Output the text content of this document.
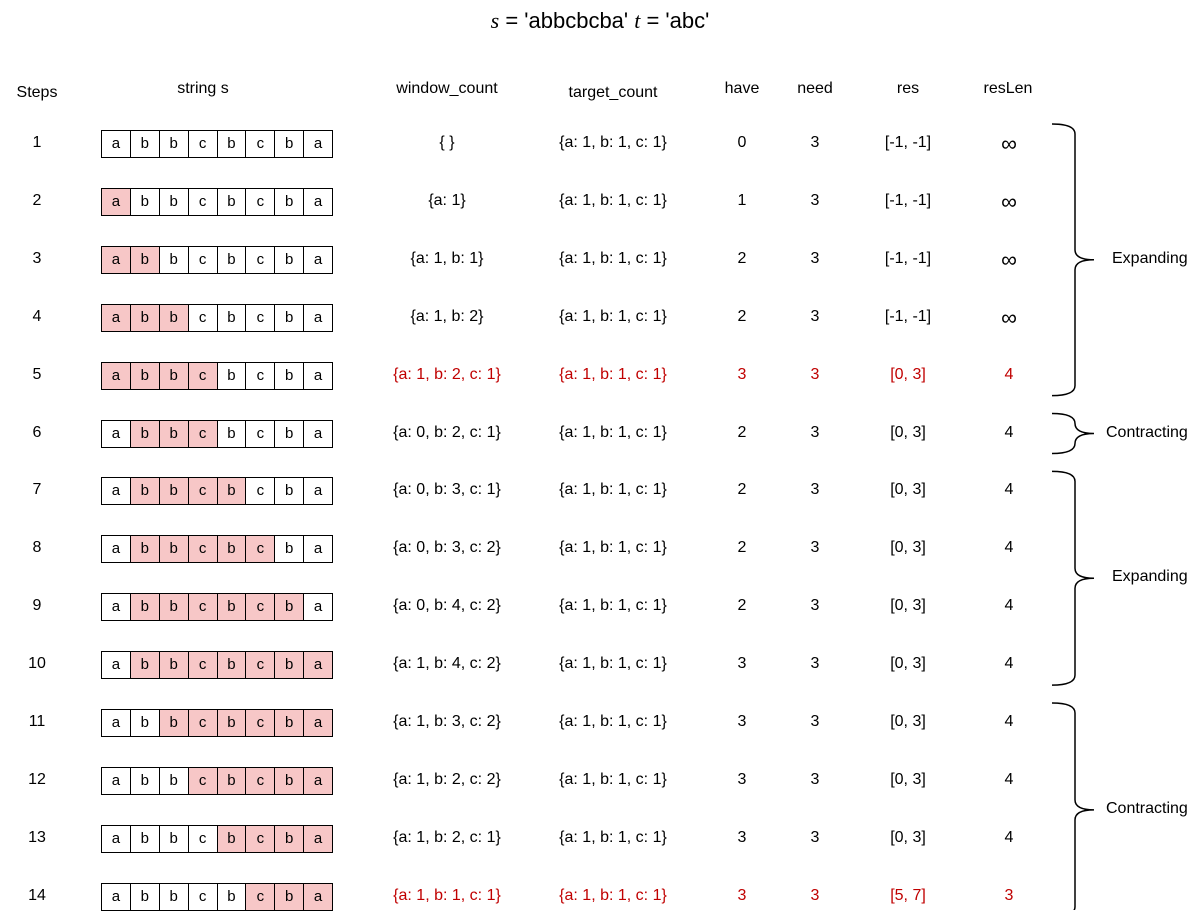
s = 'abbcbcba' t = 'abc'
Steps	string s	window_count	target_count	have	need	res	resLen
1	a	b	b	c	b	c	b	a	{ }	{a: 1, b: 1, c: 1}	0	3	[-1, -1]	∞
2	a	b	b	c	b	c	b	a	{a: 1}	{a: 1, b: 1, c: 1}	1	3	[-1, -1]	∞
3	a	b	b	c	b	c	b	a	{a: 1, b: 1}	{a: 1, b: 1, c: 1}	2	3	[-1, -1]	∞
4	a	b	b	c	b	c	b	a	{a: 1, b: 2}	{a: 1, b: 1, c: 1}	2	3	[-1, -1]	∞
5	a	b	b	c	b	c	b	a	{a: 1, b: 2, c: 1}	{a: 1, b: 1, c: 1}	3	3	[0, 3]	4
6	a	b	b	c	b	c	b	a	{a: 0, b: 2, c: 1}	{a: 1, b: 1, c: 1}	2	3	[0, 3]	4
7	a	b	b	c	b	c	b	a	{a: 0, b: 3, c: 1}	{a: 1, b: 1, c: 1}	2	3	[0, 3]	4
8	a	b	b	c	b	c	b	a	{a: 0, b: 3, c: 2}	{a: 1, b: 1, c: 1}	2	3	[0, 3]	4
9	a	b	b	c	b	c	b	a	{a: 0, b: 4, c: 2}	{a: 1, b: 1, c: 1}	2	3	[0, 3]	4
10	a	b	b	c	b	c	b	a	{a: 1, b: 4, c: 2}	{a: 1, b: 1, c: 1}	3	3	[0, 3]	4
11	a	b	b	c	b	c	b	a	{a: 1, b: 3, c: 2}	{a: 1, b: 1, c: 1}	3	3	[0, 3]	4
12	a	b	b	c	b	c	b	a	{a: 1, b: 2, c: 2}	{a: 1, b: 1, c: 1}	3	3	[0, 3]	4
13	a	b	b	c	b	c	b	a	{a: 1, b: 2, c: 1}	{a: 1, b: 1, c: 1}	3	3	[0, 3]	4
14	a	b	b	c	b	c	b	a	{a: 1, b: 1, c: 1}	{a: 1, b: 1, c: 1}	3	3	[5, 7]	3
Expanding
Contracting
Expanding
Contracting
